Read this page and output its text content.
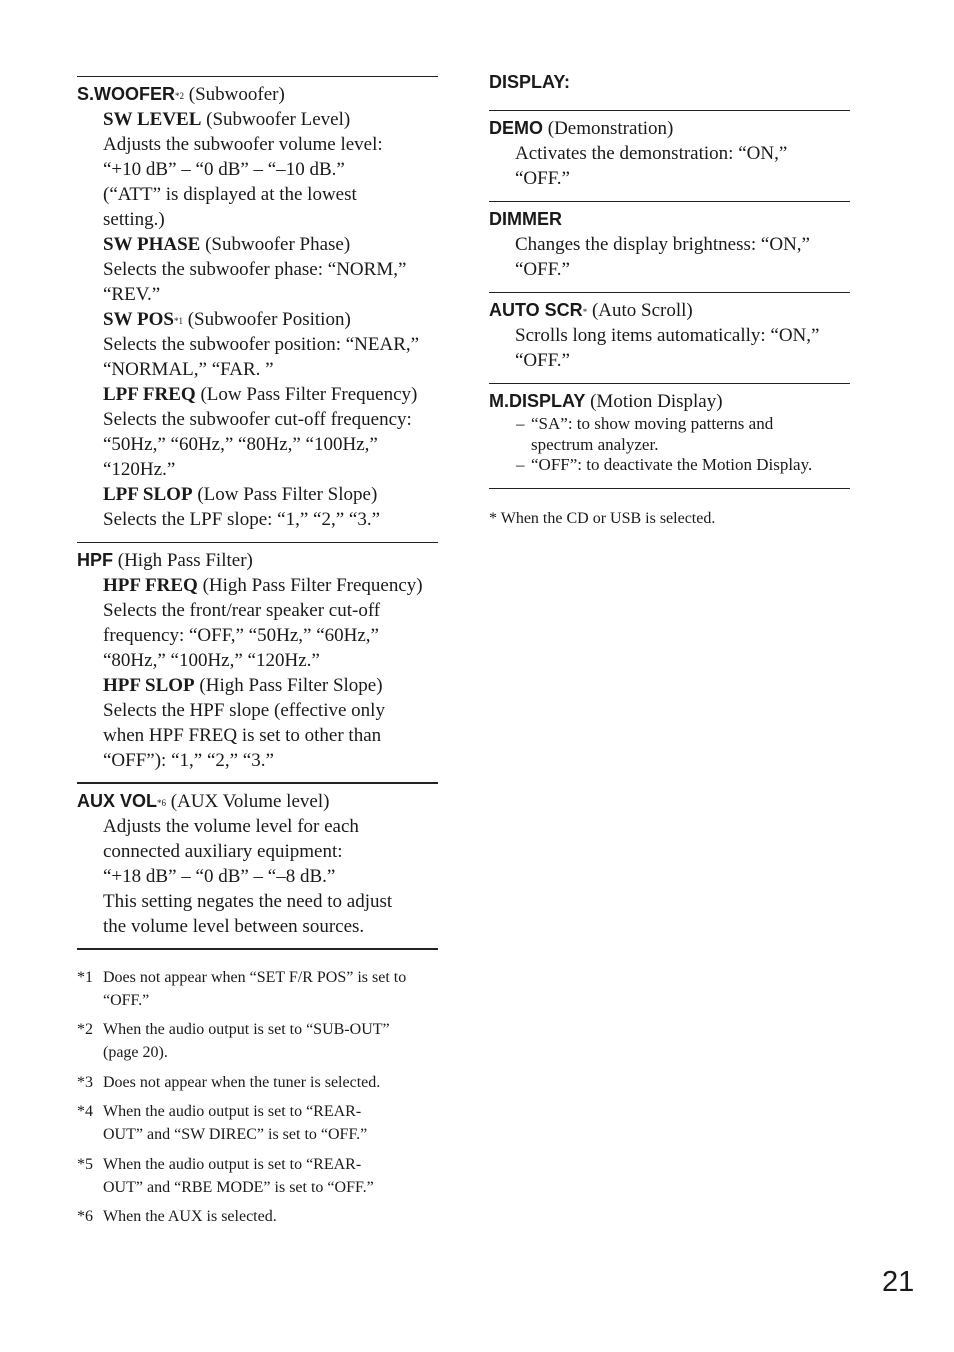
S.WOOFER$^{*2}$ (Subwoofer)

SW LEVEL (Subwoofer Level)

Adjusts the subwoofer volume level:

“+10 dB” – “0 dB” – “–10 dB.”

(“ATT” is displayed at the lowest

setting.)

SW PHASE (Subwoofer Phase)

Selects the subwoofer phase: “NORM,”

“REV.”

SW POS$^{*1}$ (Subwoofer Position)

Selects the subwoofer position: “NEAR,”

“NORMAL,” “FAR. ”

LPF FREQ (Low Pass Filter Frequency)

Selects the subwoofer cut-off frequency:

“50Hz,” “60Hz,” “80Hz,” “100Hz,”

“120Hz.”

LPF SLOP (Low Pass Filter Slope)

Selects the LPF slope: “1,” “2,” “3.”

HPF (High Pass Filter)

HPF FREQ (High Pass Filter Frequency)

Selects the front/rear speaker cut-off

frequency: “OFF,” “50Hz,” “60Hz,”

“80Hz,” “100Hz,” “120Hz.”

HPF SLOP (High Pass Filter Slope)

Selects the HPF slope (effective only

when HPF FREQ is set to other than

“OFF”): “1,” “2,” “3.”

AUX VOL$^{*6}$ (AUX Volume level)

Adjusts the volume level for each

connected auxiliary equipment:

“+18 dB” – “0 dB” – “–8 dB.”

This setting negates the need to adjust

the volume level between sources.

*1 Does not appear when “SET F/R POS” is set to
“OFF.”
*2 When the audio output is set to “SUB-OUT”
(page 20).
*3 Does not appear when the tuner is selected.
*4 When the audio output is set to “REAR-
OUT” and “SW DIREC” is set to “OFF.”
*5 When the audio output is set to “REAR-
OUT” and “RBE MODE” is set to “OFF.”
*6 When the AUX is selected.
DISPLAY:

DEMO (Demonstration)

Activates the demonstration: “ON,”

“OFF.”

DIMMER

Changes the display brightness: “ON,”

“OFF.”

AUTO SCR* (Auto Scroll)

Scrolls long items automatically: “ON,”

“OFF.”

M.DISPLAY (Motion Display)

– “SA”: to show moving patterns and
spectrum analyzer.
– “OFF”: to deactivate the Motion Display.
* When the CD or USB is selected.
21
